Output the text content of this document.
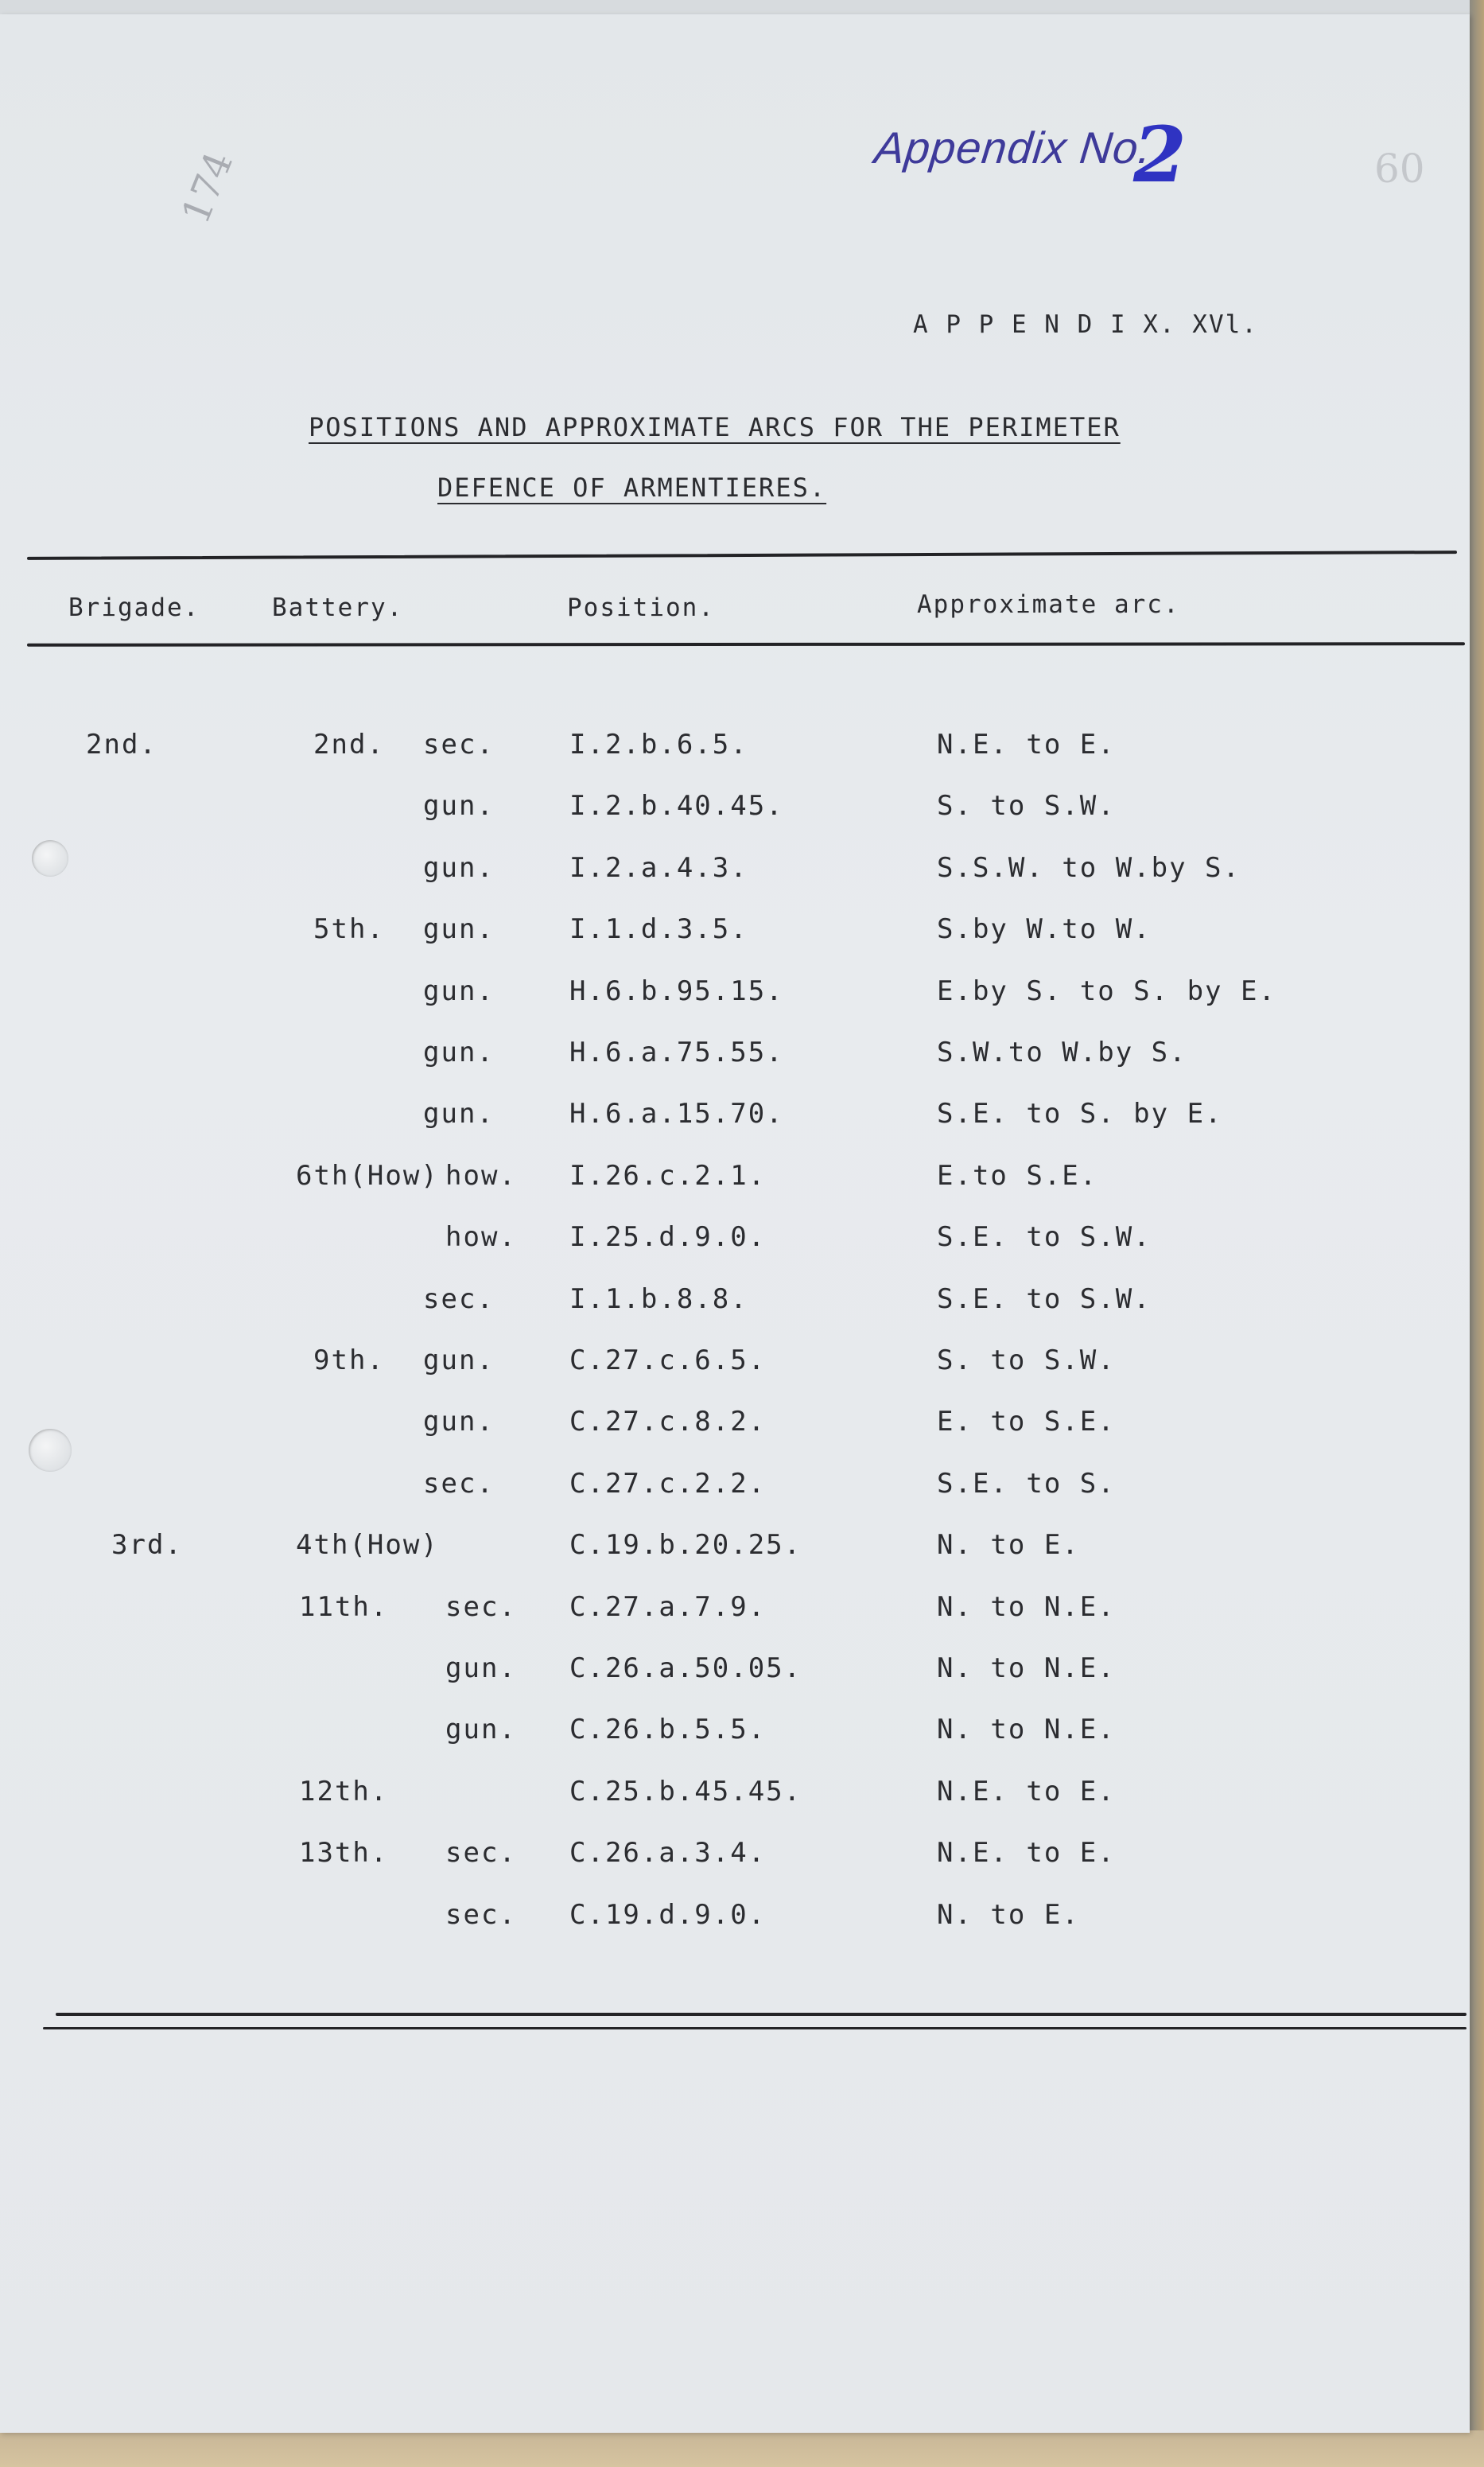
174	Appendix No.
2	60
A P P E N D I X. XVl.
POSITIONS AND APPROXIMATE ARCS FOR THE PERIMETER
DEFENCE OF ARMENTIERES.
Brigade.	Battery.	Position.	Approximate arc.
2nd.	2nd. sec.	I.2.b.6.5.	N.E. to E.
gun.	I.2.b.40.45.	S. to S.W.
gun.	I.2.a.4.3.	S.S.W. to W.by S.
5th. gun.	I.1.d.3.5.	S.by W.to W.
gun.	H.6.b.95.15.	E.by S. to S. by E.
gun.	H.6.a.75.55.	S.W.to W.by S.
gun.	H.6.a.15.70.	S.E. to S. by E.
6th(How) how. I.26.c.2.1.	E.to S.E.
how. I.25.d.9.0.	S.E. to S.W.
sec.	I.1.b.8.8.	S.E. to S.W.
9th. gun.	C.27.c.6.5.	S. to S.W.
gun.	C.27.c.8.2.	E. to S.E.
sec.	C.27.c.2.2.	S.E. to S.
3rd.	4th(How)	C.19.b.20.25.	N. to E.
11th. sec. C.27.a.7.9.	N. to N.E.
gun. C.26.a.50.05.	N. to N.E.
gun. C.26.b.5.5.	N. to N.E.
12th.	C.25.b.45.45.	N.E. to E.
13th. sec. C.26.a.3.4.	N.E. to E.
sec. C.19.d.9.0.	N. to E.
